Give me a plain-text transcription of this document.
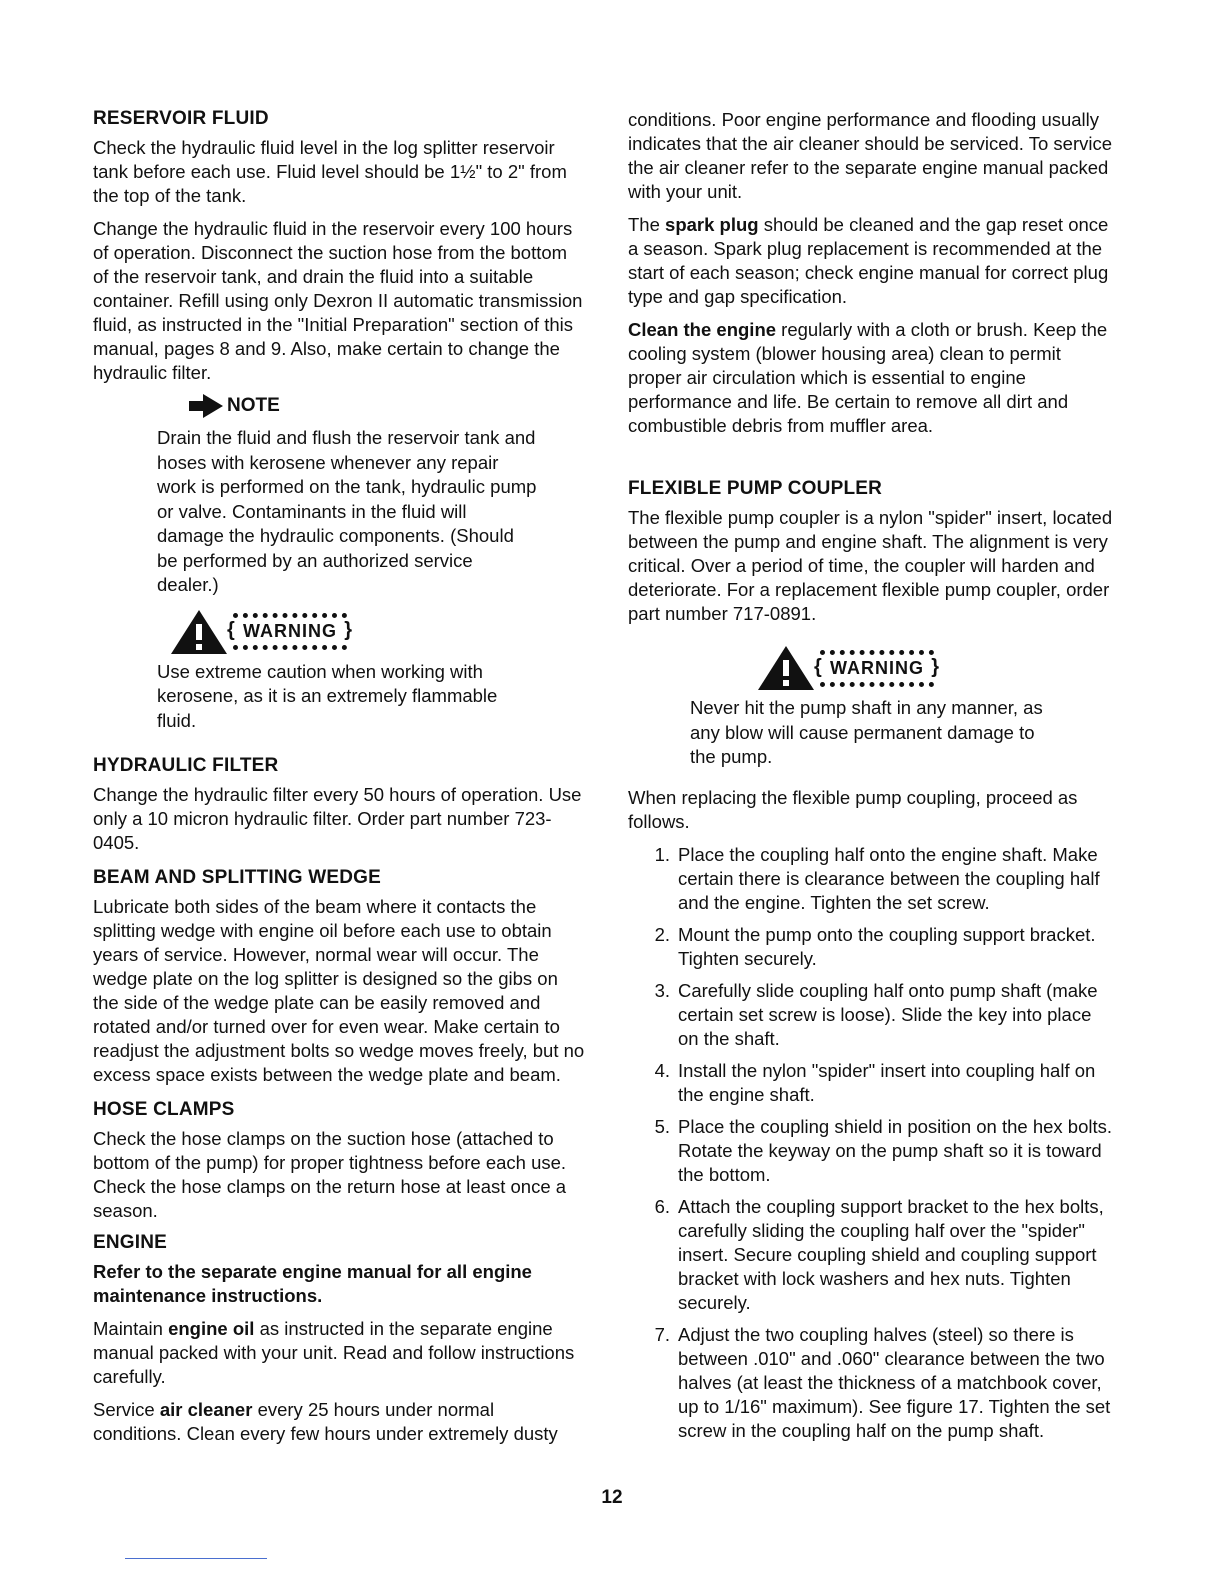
RESERVOIR FLUID

Check the hydraulic fluid level in the log splitter reservoir tank before each use. Fluid level should be 1½" to 2" from the top of the tank.

Change the hydraulic fluid in the reservoir every 100 hours of operation. Disconnect the suction hose from the bottom of the reservoir tank, and drain the fluid into a suitable container. Refill using only Dexron II automatic transmission fluid, as instructed in the "Initial Preparation" section of this manual, pages 8 and 9. Also, make certain to change the hydraulic filter.

NOTE

Drain the fluid and flush the reservoir tank and hoses with kerosene whenever any repair work is performed on the tank, hydraulic pump or valve. Contaminants in the fluid will damage the hydraulic components. (Should be performed by an authorized service dealer.)

{ WARNING }

Use extreme caution when working with kerosene, as it is an extremely flammable fluid.

HYDRAULIC FILTER

Change the hydraulic filter every 50 hours of operation. Use only a 10 micron hydraulic filter. Order part number 723-0405.

BEAM AND SPLITTING WEDGE

Lubricate both sides of the beam where it contacts the splitting wedge with engine oil before each use to obtain years of service. However, normal wear will occur. The wedge plate on the log splitter is designed so the gibs on the side of the wedge plate can be easily removed and rotated and/or turned over for even wear. Make certain to readjust the adjustment bolts so wedge moves freely, but no excess space exists between the wedge plate and beam.

HOSE CLAMPS

Check the hose clamps on the suction hose (attached to bottom of the pump) for proper tightness before each use. Check the hose clamps on the return hose at least once a season.

ENGINE

Refer to the separate engine manual for all engine maintenance instructions.

Maintain engine oil as instructed in the separate engine manual packed with your unit. Read and follow instructions carefully.

Service air cleaner every 25 hours under normal conditions. Clean every few hours under extremely dusty

conditions. Poor engine performance and flooding usually indicates that the air cleaner should be serviced. To service the air cleaner refer to the separate engine manual packed with your unit.

The spark plug should be cleaned and the gap reset once a season. Spark plug replacement is recommended at the start of each season; check engine manual for correct plug type and gap specification.

Clean the engine regularly with a cloth or brush. Keep the cooling system (blower housing area) clean to permit proper air circulation which is essential to engine performance and life. Be certain to remove all dirt and combustible debris from muffler area.

FLEXIBLE PUMP COUPLER

The flexible pump coupler is a nylon "spider" insert, located between the pump and engine shaft. The alignment is very critical. Over a period of time, the coupler will harden and deteriorate. For a replacement flexible pump coupler, order part number 717-0891.

{ WARNING }

Never hit the pump shaft in any manner, as any blow will cause permanent damage to the pump.

When replacing the flexible pump coupling, proceed as follows.

1. Place the coupling half onto the engine shaft. Make certain there is clearance between the coupling half and the engine. Tighten the set screw.
2. Mount the pump onto the coupling support bracket. Tighten securely.
3. Carefully slide coupling half onto pump shaft (make certain set screw is loose). Slide the key into place on the shaft.
4. Install the nylon "spider" insert into coupling half on the engine shaft.
5. Place the coupling shield in position on the hex bolts. Rotate the keyway on the pump shaft so it is toward the bottom.
6. Attach the coupling support bracket to the hex bolts, carefully sliding the coupling half over the "spider" insert. Secure coupling shield and coupling support bracket with lock washers and hex nuts. Tighten securely.
7. Adjust the two coupling halves (steel) so there is between .010" and .060" clearance between the two halves (at least the thickness of a matchbook cover, up to 1/16" maximum). See figure 17. Tighten the set screw in the coupling half on the pump shaft.
12
